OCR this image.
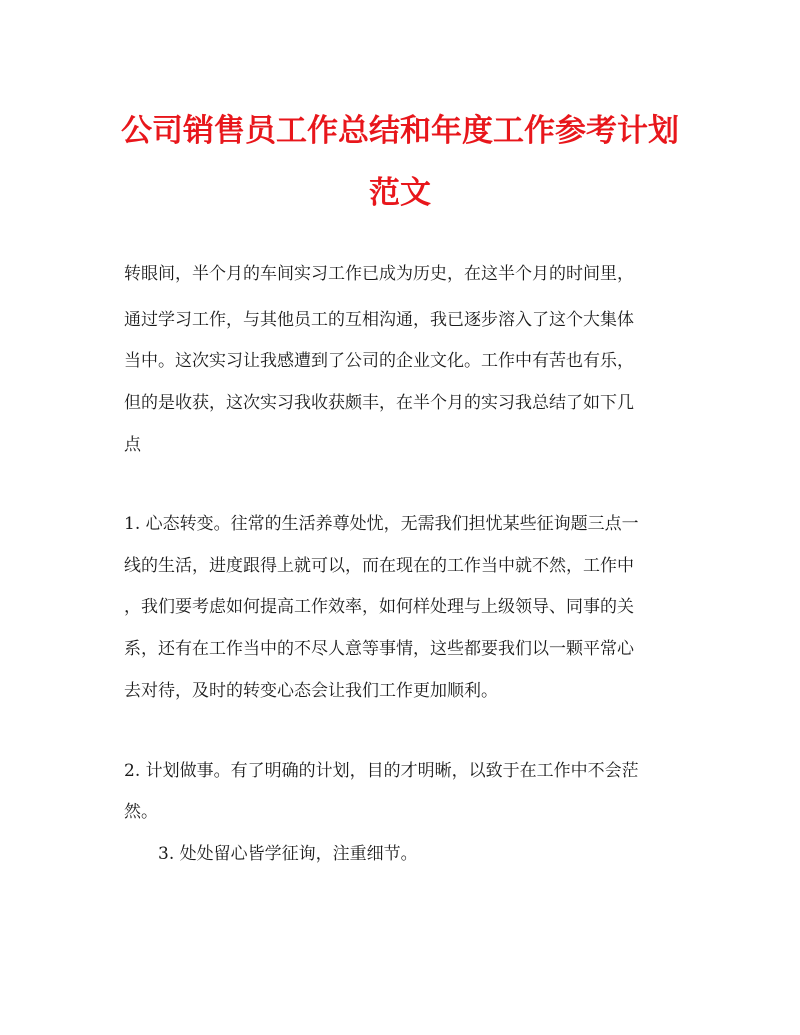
公司销售员工作总结和年度工作参考计划
范文

转眼间，半个月的车间实习工作已成为历史，在这半个月的时间里，

通过学习工作，与其他员工的互相沟通，我已逐步溶入了这个大集体

当中。这次实习让我感遭到了公司的企业文化。工作中有苦也有乐，

但的是收获，这次实习我收获颇丰，在半个月的实习我总结了如下几

点

1. 心态转变。往常的生活养尊处忧，无需我们担忧某些征询题三点一

线的生活，进度跟得上就可以，而在现在的工作当中就不然，工作中

，我们要考虑如何提高工作效率，如何样处理与上级领导、同事的关

系，还有在工作当中的不尽人意等事情，这些都要我们以一颗平常心

去对待，及时的转变心态会让我们工作更加顺利。

2. 计划做事。有了明确的计划，目的才明晰，以致于在工作中不会茫

然。

3. 处处留心皆学征询，注重细节。
